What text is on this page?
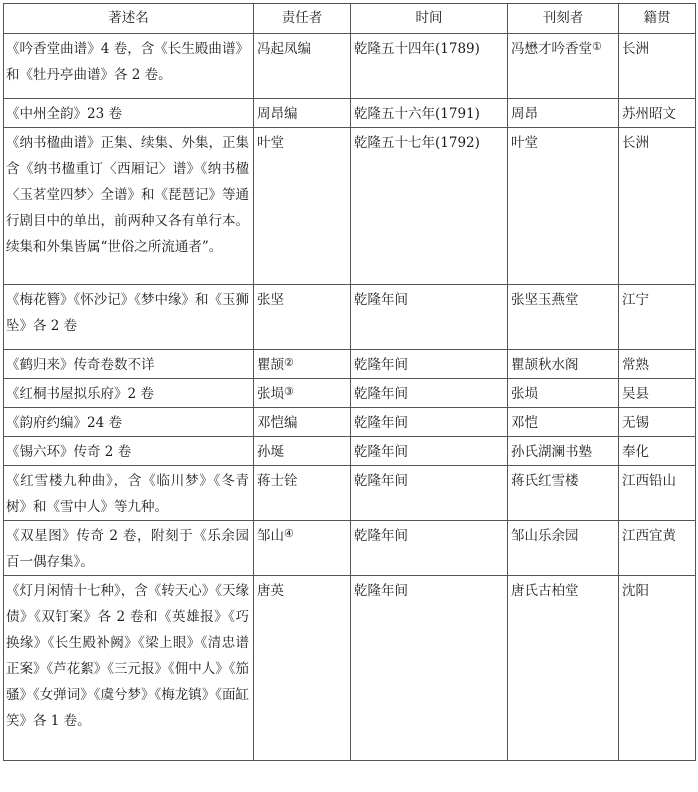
著述名	责任者	时间	刊刻者	籍贯
《吟香堂曲谱》4 卷，含《长生殿曲谱》和《牡丹亭曲谱》各 2 卷。	冯起凤编	乾隆五十四年(1789)	冯懋才吟香堂①	长洲
《中州全韵》23 卷	周昂编	乾隆五十六年(1791)	周昂	苏州昭文
《纳书楹曲谱》正集、续集、外集，正集含《纳书楹重订〈西厢记〉谱》《纳书楹〈玉茗堂四梦〉全谱》和《琵琶记》等通行剧目中的单出，前两种又各有单行本。续集和外集皆属“世俗之所流通者”。	叶堂	乾隆五十七年(1792)	叶堂	长洲
《梅花簪》《怀沙记》《梦中缘》和《玉狮坠》各 2 卷	张坚	乾隆年间	张坚玉燕堂	江宁
《鹤归来》传奇卷数不详	瞿颉②	乾隆年间	瞿颉秋水阁	常熟
《红桐书屋拟乐府》2 卷	张埙③	乾隆年间	张埙	吴县
《韵府约编》24 卷	邓恺编	乾隆年间	邓恺	无锡
《锡六环》传奇 2 卷	孙埏	乾隆年间	孙氏湖澜书塾	奉化
《红雪楼九种曲》，含《临川梦》《冬青树》和《雪中人》等九种。	蒋士铨	乾隆年间	蒋氏红雪楼	江西铅山
《双星图》传奇 2 卷，附刻于《乐余园百一偶存集》。	邹山④	乾隆年间	邹山乐余园	江西宜黄
《灯月闲情十七种》，含《转天心》《天缘债》《双钉案》各 2 卷和《英雄报》《巧换缘》《长生殿补阙》《梁上眼》《清忠谱正案》《芦花絮》《三元报》《佣中人》《笳骚》《女弹词》《虞兮梦》《梅龙镇》《面缸笑》各 1 卷。	唐英	乾隆年间	唐氏古柏堂	沈阳
